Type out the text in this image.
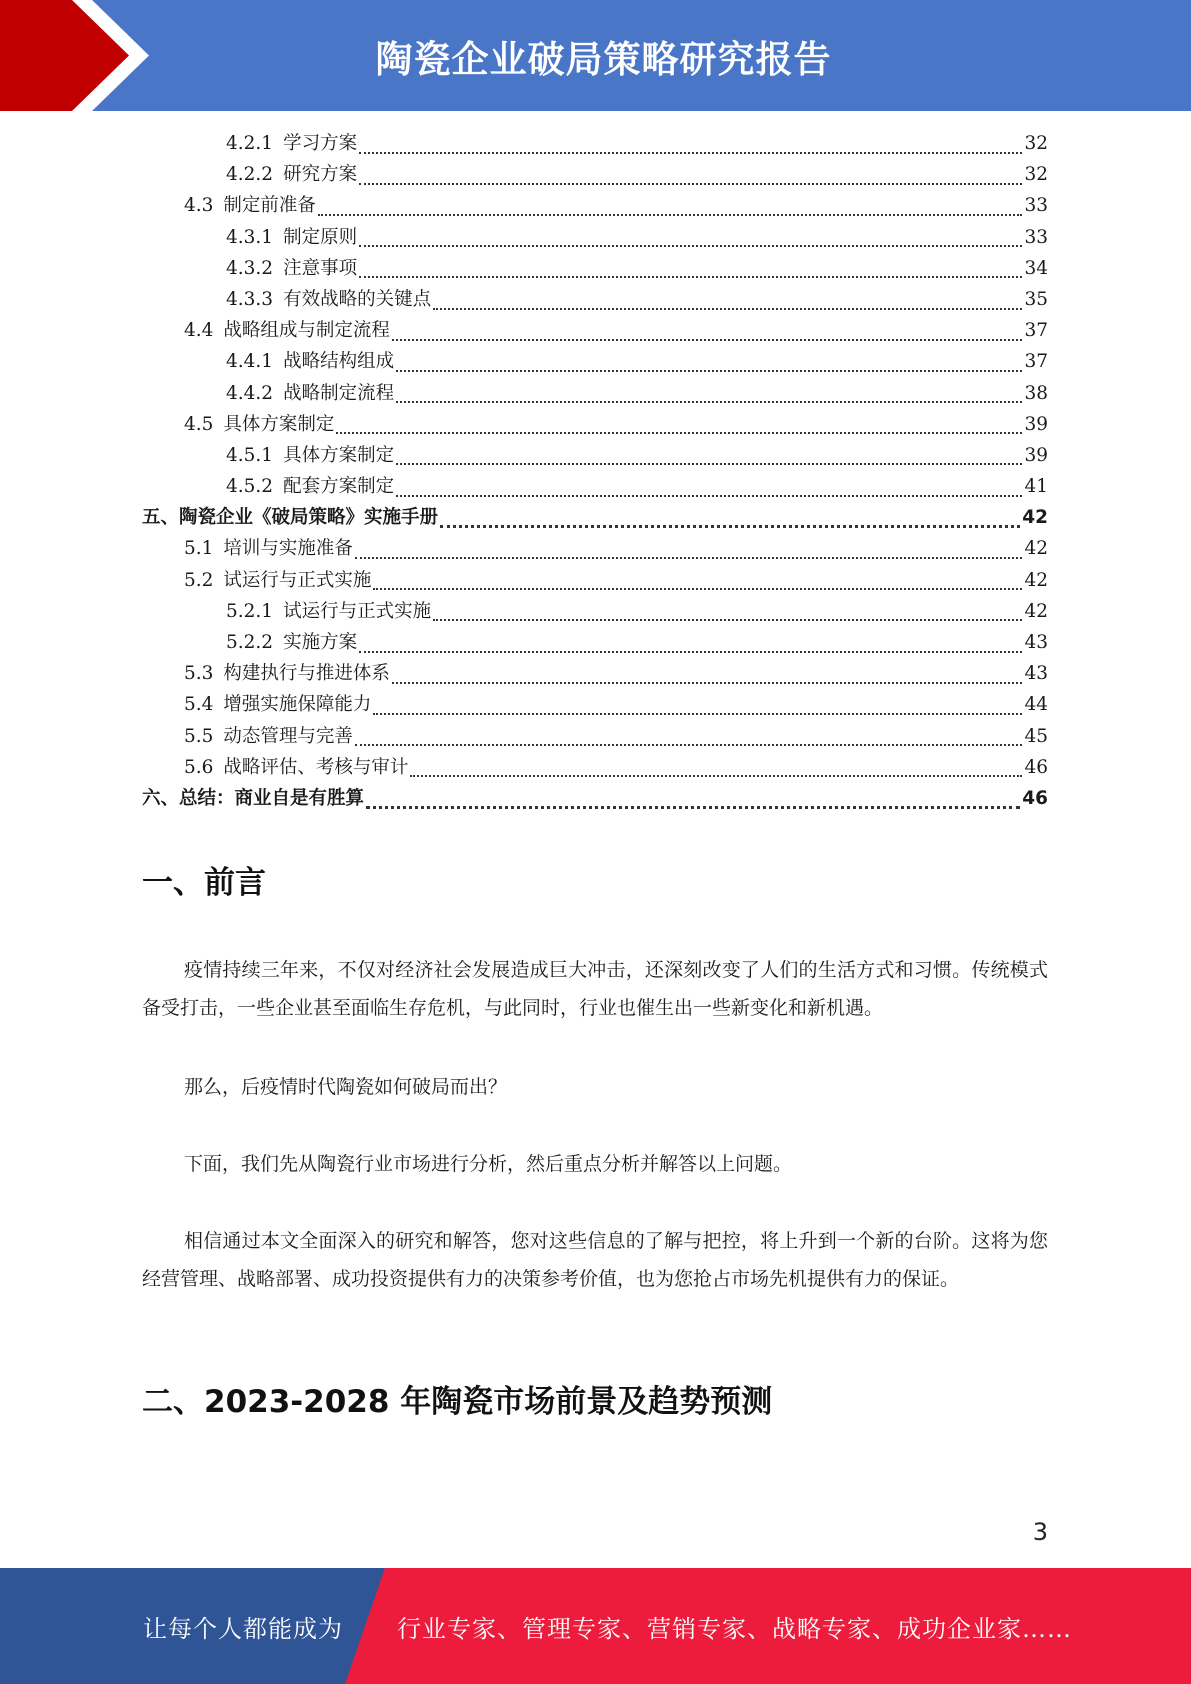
陶瓷企业破局策略研究报告
4.2.1 学习方案	32
4.2.2 研究方案	32
4.3 制定前准备	33
4.3.1 制定原则	33
4.3.2 注意事项	34
4.3.3 有效战略的关键点	35
4.4 战略组成与制定流程	37
4.4.1 战略结构组成	37
4.4.2 战略制定流程	38
4.5 具体方案制定	39
4.5.1 具体方案制定	39
4.5.2 配套方案制定	41
五、 陶瓷企业《破局策略》实施手册	42
5.1 培训与实施准备	42
5.2 试运行与正式实施	42
5.2.1 试运行与正式实施	42
5.2.2 实施方案	43
5.3 构建执行与推进体系	43
5.4 增强实施保障能力	44
5.5 动态管理与完善	45
5.6 战略评估、考核与审计	46
六、 总结：商业自是有胜算	46
一、前言

疫情持续三年来，不仅对经济社会发展造成巨大冲击，还深刻改变了人们的生活方式和习惯。传统模式备受打击，一些企业甚至面临生存危机，与此同时，行业也催生出一些新变化和新机遇。

那么，后疫情时代陶瓷如何破局而出？

下面，我们先从陶瓷行业市场进行分析，然后重点分析并解答以上问题。

相信通过本文全面深入的研究和解答，您对这些信息的了解与把控，将上升到一个新的台阶。这将为您经营管理、战略部署、成功投资提供有力的决策参考价值，也为您抢占市场先机提供有力的保证。

二、2023-2028 年陶瓷市场前景及趋势预测
3
让每个人都能成为 行业专家、管理专家、营销专家、战略专家、成功企业家……
